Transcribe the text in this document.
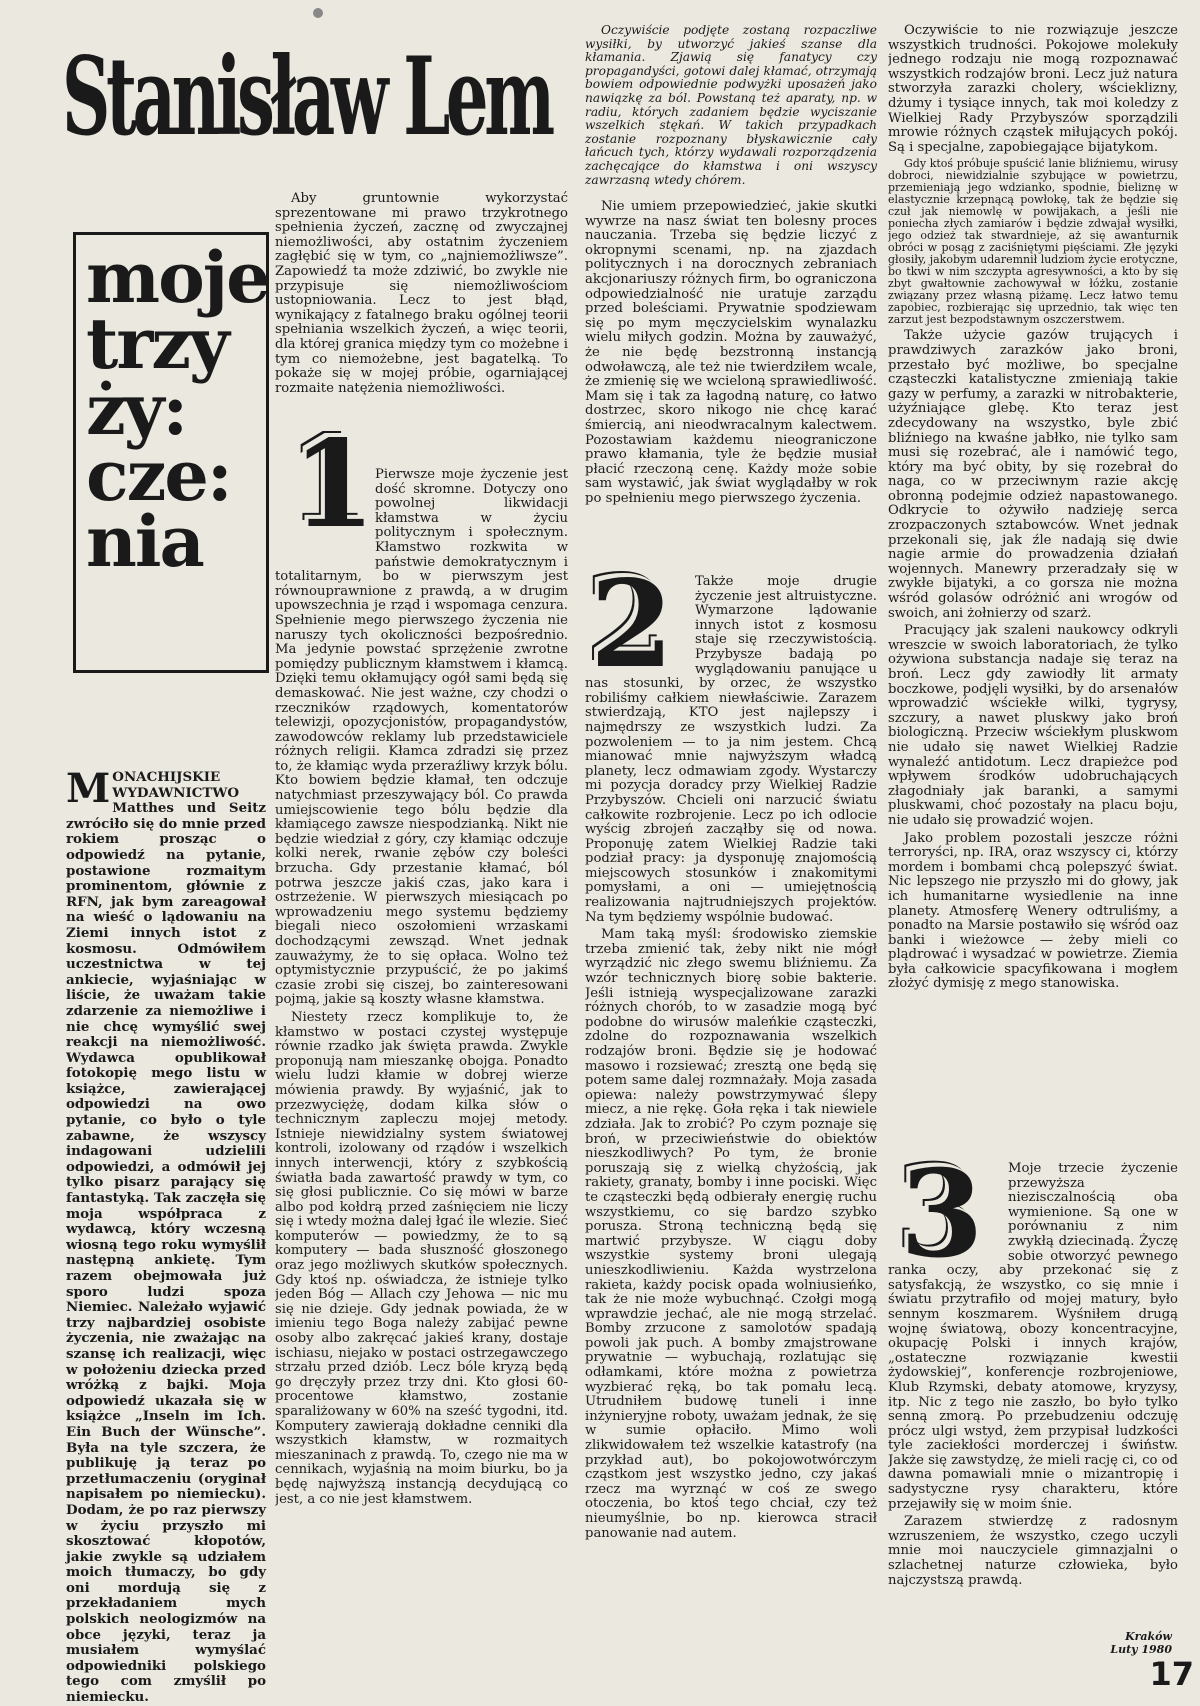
Stanisław Lem
moje
trzy
ży:
cze:
nia

MONACHIJSKIE WYDAWNICTWO Matthes und Seitz zwróciło się do mnie przed rokiem prosząc o odpowiedź na pytanie, postawione rozmaitym prominentom, głównie z RFN, jak bym zareagował na wieść o lądowaniu na Ziemi innych istot z kosmosu. Odmówiłem uczestnictwa w tej ankiecie, wyjaśniając w liście, że uważam takie zdarzenie za niemożliwe i nie chcę wymyślić swej reakcji na niemożliwość. Wydawca opublikował fotokopię mego listu w książce, zawierającej odpowiedzi na owo pytanie, co było o tyle zabawne, że wszyscy indagowani udzielili odpowiedzi, a odmówił jej tylko pisarz parający się fantastyką. Tak zaczęła się moja współpraca z wydawcą, który wczesną wiosną tego roku wymyślił następną ankietę. Tym razem obejmowała już sporo ludzi spoza Niemiec. Należało wyjawić trzy najbardziej osobiste życzenia, nie zważając na szansę ich realizacji, więc w położeniu dziecka przed wróżką z bajki. Moja odpowiedź ukazała się w książce „Inseln im Ich. Ein Buch der Wünsche”. Była na tyle szczera, że publikuję ją teraz po przetłumaczeniu (oryginał napisałem po niemiecku). Dodam, że po raz pierwszy w życiu przyszło mi skosztować kłopotów, jakie zwykle są udziałem moich tłumaczy, bo gdy oni mordują się z przekładaniem mych polskich neologizmów na obce języki, teraz ja musiałem wymyślać odpowiedniki polskiego tego com zmyślił po niemiecku.

Aby gruntownie wykorzystać sprezentowane mi prawo trzykrotnego spełnienia życzeń, zacznę od zwyczajnej niemożliwości, aby ostatnim życzeniem zagłębić się w tym, co „najniemożliwsze”. Zapowiedź ta może zdziwić, bo zwykle nie przypisuje się niemożliwościom ustopniowania. Lecz to jest błąd, wynikający z fatalnego braku ogólnej teorii spełniania wszelkich życzeń, a więc teorii, dla której granica między tym co możebne i tym co niemożebne, jest bagatelką. To pokaże się w mojej próbie, ogarniającej rozmaite natężenia niemożliwości.

1 Pierwsze moje życzenie jest dość skromne. Dotyczy ono powolnej likwidacji kłamstwa w życiu politycznym i społecznym. Kłamstwo rozkwita w państwie demokratycznym i totalitarnym, bo w pierwszym jest równouprawnione z prawdą, a w drugim upowszechnia je rząd i wspomaga cenzura. Spełnienie mego pierwszego życzenia nie naruszy tych okoliczności bezpośrednio. Ma jedynie powstać sprzężenie zwrotne pomiędzy publicznym kłamstwem i kłamcą. Dzięki temu okłamujący ogół sami będą się demaskować. Nie jest ważne, czy chodzi o rzeczników rządowych, komentatorów telewizji, opozycjonistów, propagandystów, zawodowców reklamy lub przedstawiciele różnych religii. Kłamca zdradzi się przez to, że kłamiąc wyda przeraźliwy krzyk bólu. Kto bowiem będzie kłamał, ten odczuje natychmiast przeszywający ból. Co prawda umiejscowienie tego bólu będzie dla kłamiącego zawsze niespodzianką. Nikt nie będzie wiedział z góry, czy kłamiąc odczuje kolki nerek, rwanie zębów czy boleści brzucha. Gdy przestanie kłamać, ból potrwa jeszcze jakiś czas, jako kara i ostrzeżenie. W pierwszych miesiącach po wprowadzeniu mego systemu będziemy biegali nieco oszołomieni wrzaskami dochodzącymi zewsząd. Wnet jednak zauważymy, że to się opłaca. Wolno też optymistycznie przypuścić, że po jakimś czasie zrobi się ciszej, bo zainteresowani pojmą, jakie są koszty własne kłamstwa.

Niestety rzecz komplikuje to, że kłamstwo w postaci czystej występuje równie rzadko jak święta prawda. Zwykle proponują nam mieszankę obojga. Ponadto wielu ludzi kłamie w dobrej wierze mówienia prawdy. By wyjaśnić, jak to przezwyciężę, dodam kilka słów o technicznym zapleczu mojej metody. Istnieje niewidzialny system światowej kontroli, izolowany od rządów i wszelkich innych interwencji, który z szybkością światła bada zawartość prawdy w tym, co się głosi publicznie. Co się mówi w barze albo pod kołdrą przed zaśnięciem nie liczy się i wtedy można dalej łgać ile wlezie. Sieć komputerów — powiedzmy, że to są komputery — bada słuszność głoszonego oraz jego możliwych skutków społecznych. Gdy ktoś np. oświadcza, że istnieje tylko jeden Bóg — Allach czy Jehowa — nic mu się nie dzieje. Gdy jednak powiada, że w imieniu tego Boga należy zabijać pewne osoby albo zakręcać jakieś krany, dostaje ischiasu, niejako w postaci ostrzegawczego strzału przed dziób. Lecz bóle kryzą będą go dręczyły przez trzy dni. Kto głosi 60-procentowe kłamstwo, zostanie sparaliżowany w 60% na sześć tygodni, itd. Komputery zawierają dokładne cenniki dla wszystkich kłamstw, w rozmaitych mieszaninach z prawdą. To, czego nie ma w cennikach, wyjaśnią na moim biurku, bo ja będę najwyższą instancją decydującą co jest, a co nie jest kłamstwem.

Oczywiście podjęte zostaną rozpaczliwe wysiłki, by utworzyć jakieś szanse dla kłamania. Zjawią się fanatycy czy propagandyści, gotowi dalej kłamać, otrzymają bowiem odpowiednie podwyżki uposażeń jako nawiązkę za ból. Powstaną też aparaty, np. w radiu, których zadaniem będzie wyciszanie wszelkich stękań. W takich przypadkach zostanie rozpoznany błyskawicznie cały łańcuch tych, którzy wydawali rozporządzenia zachęcające do kłamstwa i oni wszyscy zawrzasną wtedy chórem.

Nie umiem przepowiedzieć, jakie skutki wywrze na nasz świat ten bolesny proces nauczania. Trzeba się będzie liczyć z okropnymi scenami, np. na zjazdach politycznych i na dorocznych zebraniach akcjonariuszy różnych firm, bo ograniczona odpowiedzialność nie uratuje zarządu przed boleściami. Prywatnie spodziewam się po mym męczycielskim wynalazku wielu miłych godzin. Można by zauważyć, że nie będę bezstronną instancją odwoławczą, ale też nie twierdziłem wcale, że zmienię się we wcieloną sprawiedliwość. Mam się i tak za łagodną naturę, co łatwo dostrzec, skoro nikogo nie chcę karać śmiercią, ani nieodwracalnym kalectwem. Pozostawiam każdemu nieograniczone prawo kłamania, tyle że będzie musiał płacić rzeczoną cenę. Każdy może sobie sam wystawić, jak świat wyglądałby w rok po spełnieniu mego pierwszego życzenia.

2	Także moje drugie życzenie jest altruistyczne. Wymarzone lądowanie innych istot z kosmosu staje się rzeczywistością. Przybysze badają po wyglądowaniu panujące u nas stosunki, by orzec, że wszystko robiliśmy całkiem niewłaściwie. Zarazem stwierdzają, KTO jest najlepszy i najmędrszy ze wszystkich ludzi. Za pozwoleniem — to ja nim jestem. Chcą mianować mnie najwyższym władcą planety, lecz odmawiam zgody. Wystarczy mi pozycja doradcy przy Wielkiej Radzie Przybyszów. Chcieli oni narzucić światu całkowite rozbrojenie. Lecz po ich odlocie wyścig zbrojeń zacząłby się od nowa. Proponuję zatem Wielkiej Radzie taki podział pracy: ja dysponuję znajomością miejscowych stosunków i znakomitymi pomysłami, a oni — umiejętnością realizowania najtrudniejszych projektów. Na tym będziemy wspólnie budować.

Mam taką myśl: środowisko ziemskie trzeba zmienić tak, żeby nikt nie mógł wyrządzić nic złego swemu bliźniemu. Za wzór technicznych biorę sobie bakterie. Jeśli istnieją wyspecjalizowane zarazki różnych chorób, to w zasadzie mogą być podobne do wirusów maleńkie cząsteczki, zdolne do rozpoznawania wszelkich rodzajów broni. Będzie się je hodować masowo i rozsiewać; zresztą one będą się potem same dalej rozmnażały. Moja zasada opiewa: należy powstrzymywać ślepy miecz, a nie rękę. Goła ręka i tak niewiele zdziała. Jak to zrobić? Po czym poznaje się broń, w przeciwieństwie do obiektów nieszkodliwych? Po tym, że bronie poruszają się z wielką chyżością, jak rakiety, granaty, bomby i inne pociski. Więc te cząsteczki będą odbierały energię ruchu wszystkiemu, co się bardzo szybko porusza. Stroną techniczną będą się martwić przybysze. W ciągu doby wszystkie systemy broni ulegają unieszkodliwieniu. Każda wystrzelona rakieta, każdy pocisk opada wolniusieńko, tak że nie może wybuchnąć. Czołgi mogą wprawdzie jechać, ale nie mogą strzelać. Bomby zrzucone z samolotów spadają powoli jak puch. A bomby zmajstrowane prywatnie — wybuchają, rozlatując się odłamkami, które można z powietrza wyzbierać ręką, bo tak pomału lecą. Utrudniłem budowę tuneli i inne inżynieryjne roboty, uważam jednak, że się w sumie opłaciło. Mimo woli zlikwidowałem też wszelkie katastrofy (na przykład aut), bo pokojowotwórczym cząstkom jest wszystko jedno, czy jakaś rzecz ma wyrznąć w coś ze swego otoczenia, bo ktoś tego chciał, czy też nieumyślnie, bo np. kierowca stracił panowanie nad autem.

Oczywiście to nie rozwiązuje jeszcze wszystkich trudności. Pokojowe molekuły jednego rodzaju nie mogą rozpoznawać wszystkich rodzajów broni. Lecz już natura stworzyła zarazki cholery, wścieklizny, dżumy i tysiące innych, tak moi koledzy z Wielkiej Rady Przybyszów sporządzili mrowie różnych cząstek miłujących pokój. Są i specjalne, zapobiegające bijatykom.

Gdy ktoś próbuje spuścić lanie bliźniemu, wirusy dobroci, niewidzialnie szybujące w powietrzu, przemieniają jego wdzianko, spodnie, bieliznę w elastycznie krzepnącą powłokę, tak że będzie się czuł jak niemowlę w powijakach, a jeśli nie poniecha złych zamiarów i będzie zdwajał wysiłki, jego odzież tak stwardnieje, aż się awanturnik obróci w posąg z zaciśniętymi pięściami. Złe języki głosiły, jakobym udaremnił ludziom życie erotyczne, bo tkwi w nim szczypta agresywności, a kto by się zbyt gwałtownie zachowywał w łóżku, zostanie związany przez własną piżamę. Lecz łatwo temu zapobiec, rozbierając się uprzednio, tak więc ten zarzut jest bezpodstawnym oszczerstwem.

Także użycie gazów trujących i prawdziwych zarazków jako broni, przestało być możliwe, bo specjalne cząsteczki katalistyczne zmieniają takie gazy w perfumy, a zarazki w nitrobakterie, użyźniające glebę. Kto teraz jest zdecydowany na wszystko, byle zbić bliźniego na kwaśne jabłko, nie tylko sam musi się rozebrać, ale i namówić tego, który ma być obity, by się rozebrał do naga, co w przeciwnym razie akcję obronną podejmie odzież napastowanego. Odkrycie to ożywiło nadzieję serca zrozpaczonych sztabowców. Wnet jednak przekonali się, jak źle nadają się dwie nagie armie do prowadzenia działań wojennych. Manewry przeradzały się w zwykłe bijatyki, a co gorsza nie można wśród golasów odróżnić ani wrogów od swoich, ani żołnierzy od szarż.

Pracujący jak szaleni naukowcy odkryli wreszcie w swoich laboratoriach, że tylko ożywiona substancja nadaje się teraz na broń. Lecz gdy zawiodły lit armaty boczkowe, podjęli wysiłki, by do arsenałów wprowadzić wściekłe wilki, tygrysy, szczury, a nawet pluskwy jako broń biologiczną. Przeciw wściekłym pluskwom nie udało się nawet Wielkiej Radzie wynaleźć antidotum. Lecz drapieżce pod wpływem środków udobruchających złagodniały jak baranki, a samymi pluskwami, choć pozostały na placu boju, nie udało się prowadzić wojen.

Jako problem pozostali jeszcze różni terroryści, np. IRA, oraz wszyscy ci, którzy mordem i bombami chcą polepszyć świat. Nic lepszego nie przyszło mi do głowy, jak ich humanitarne wysiedlenie na inne planety. Atmosferę Wenery odtruliśmy, a ponadto na Marsie postawiło się wśród oaz banki i wieżowce — żeby mieli co plądrować i wysadzać w powietrze. Ziemia była całkowicie spacyfikowana i mogłem złożyć dymisję z mego stanowiska.

3	Moje trzecie życzenie przewyższa niezisczalnością oba wymienione. Są one w porównaniu z nim zwykłą dziecinadą. Życzę sobie otworzyć pewnego ranka oczy, aby przekonać się z satysfakcją, że wszystko, co się mnie i światu przytrafiło od mojej matury, było sennym koszmarem. Wyśniłem drugą wojnę światową, obozy koncentracyjne, okupację Polski i innych krajów, „ostateczne rozwiązanie kwestii żydowskiej”, konferencje rozbrojeniowe, Klub Rzymski, debaty atomowe, kryzysy, itp. Nic z tego nie zaszło, bo było tylko senną zmorą. Po przebudzeniu odczuję prócz ulgi wstyd, żem przypisał ludzkości tyle zaciekłości morderczej i świństw. Jakże się zawstydzę, że mieli rację ci, co od dawna pomawiali mnie o mizantropię i sadystyczne rysy charakteru, które przejawiły się w moim śnie.

Zarazem stwierdzę z radosnym wzruszeniem, że wszystko, czego uczyli mnie moi nauczyciele gimnazjalni o szlachetnej naturze człowieka, było najczystszą prawdą.

Kraków
Luty 1980
17
